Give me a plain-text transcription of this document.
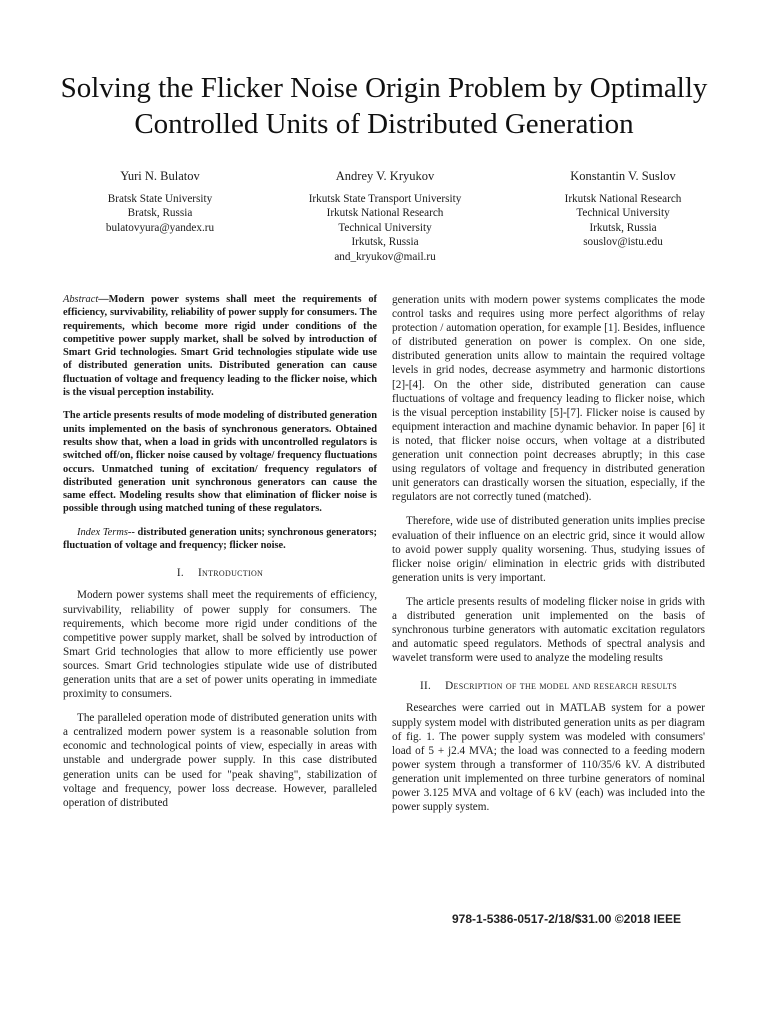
Solving the Flicker Noise Origin Problem by Optimally
Controlled Units of Distributed Generation
Yuri N. Bulatov
Bratsk State University
Bratsk, Russia
bulatovyura@yandex.ru
Andrey V. Kryukov
Irkutsk State Transport University
Irkutsk National Research
Technical University
Irkutsk, Russia
and_kryukov@mail.ru
Konstantin V. Suslov
Irkutsk National Research
Technical University
Irkutsk, Russia
souslov@istu.edu

Abstract—Modern power systems shall meet the requirements of efficiency, survivability, reliability of power supply for consumers. The requirements, which become more rigid under conditions of the competitive power supply market, shall be solved by introduction of Smart Grid technologies. Smart Grid technologies stipulate wide use of distributed generation units. Distributed generation can cause fluctuation of voltage and frequency leading to the flicker noise, which is the visual perception instability.

The article presents results of mode modeling of distributed generation units implemented on the basis of synchronous generators. Obtained results show that, when a load in grids with uncontrolled regulators is switched off/on, flicker noise caused by voltage/ frequency fluctuations occurs. Unmatched tuning of excitation/ frequency regulators of distributed generation unit synchronous generators can cause the same effect. Modeling results show that elimination of flicker noise is possible through using matched tuning of these regulators.

Index Terms-- distributed generation units; synchronous generators; fluctuation of voltage and frequency; flicker noise.

I. Introduction

Modern power systems shall meet the requirements of efficiency, survivability, reliability of power supply for consumers. The requirements, which become more rigid under conditions of the competitive power supply market, shall be solved by introduction of Smart Grid technologies that allow to more efficiently use power sources. Smart Grid technologies stipulate wide use of distributed generation units that are a set of power units operating in immediate proximity to consumers.

The paralleled operation mode of distributed generation units with a centralized modern power system is a reasonable solution from economic and technological points of view, especially in areas with unstable and undergrade power supply. In this case distributed generation units can be used for "peak shaving", stabilization of voltage and frequency, power loss decrease. However, paralleled operation of distributed

generation units with modern power systems complicates the mode control tasks and requires using more perfect algorithms of relay protection / automation operation, for example [1]. Besides, influence of distributed generation on power is complex. On one side, distributed generation units allow to maintain the required voltage levels in grid nodes, decrease asymmetry and harmonic distortions [2]-[4]. On the other side, distributed generation can cause fluctuations of voltage and frequency leading to flicker noise, which is the visual perception instability [5]-[7]. Flicker noise is caused by equipment interaction and machine dynamic behavior. In paper [6] it is noted, that flicker noise occurs, when voltage at a distributed generation unit connection point decreases abruptly; in this case using regulators of voltage and frequency in distributed generation unit generators can drastically worsen the situation, especially, if the regulators are not correctly tuned (matched).

Therefore, wide use of distributed generation units implies precise evaluation of their influence on an electric grid, since it would allow to avoid power supply quality worsening. Thus, studying issues of flicker noise origin/ elimination in electric grids with distributed generation units is very important.

The article presents results of modeling flicker noise in grids with a distributed generation unit implemented on the basis of synchronous turbine generators with automatic excitation regulators and automatic speed regulators. Methods of spectral analysis and wavelet transform were used to analyze the modeling results

II. Description of the model and research results

Researches were carried out in MATLAB system for a power supply system model with distributed generation units as per diagram of fig. 1. The power supply system was modeled with consumers' load of 5 + j2.4 MVA; the load was connected to a feeding modern power system through a transformer of 110/35/6 kV. A distributed generation unit implemented on three turbine generators of nominal power 3.125 MVA and voltage of 6 kV (each) was included into the power supply system.

978-1-5386-0517-2/18/$31.00 ©2018 IEEE
